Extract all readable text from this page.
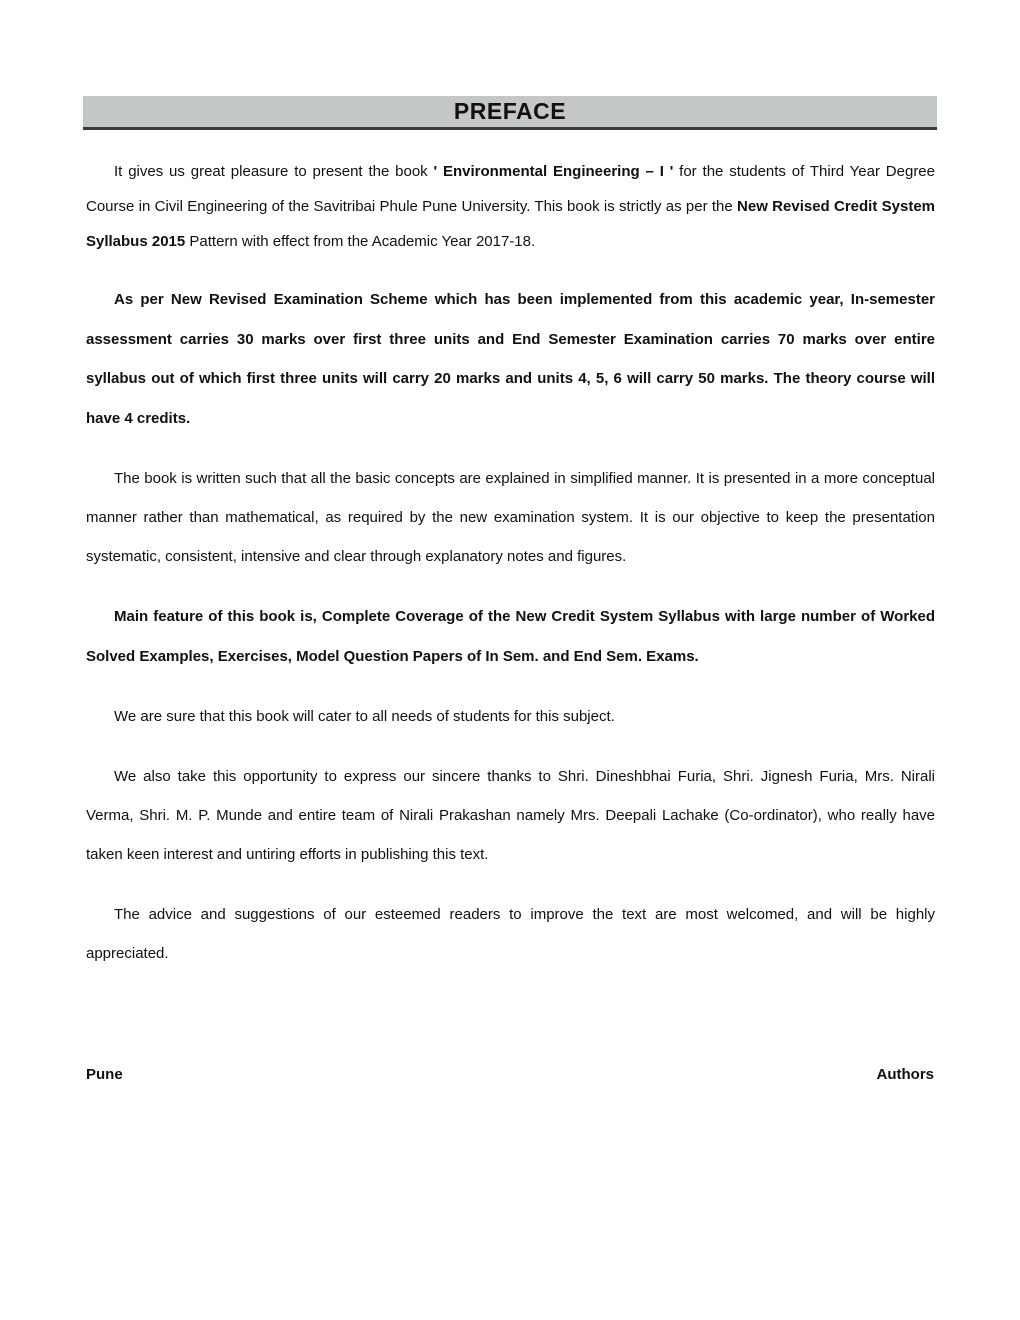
PREFACE

It gives us great pleasure to present the book ' Environmental Engineering – I ' for the students of Third Year Degree Course in Civil Engineering of the Savitribai Phule Pune University. This book is strictly as per the New Revised Credit System Syllabus 2015 Pattern with effect from the Academic Year 2017-18.

As per New Revised Examination Scheme which has been implemented from this academic year, In-semester assessment carries 30 marks over first three units and End Semester Examination carries 70 marks over entire syllabus out of which first three units will carry 20 marks and units 4, 5, 6 will carry 50 marks. The theory course will have 4 credits.

The book is written such that all the basic concepts are explained in simplified manner. It is presented in a more conceptual manner rather than mathematical, as required by the new examination system. It is our objective to keep the presentation systematic, consistent, intensive and clear through explanatory notes and figures.

Main feature of this book is, Complete Coverage of the New Credit System Syllabus with large number of Worked Solved Examples, Exercises, Model Question Papers of In Sem. and End Sem. Exams.

We are sure that this book will cater to all needs of students for this subject.

We also take this opportunity to express our sincere thanks to Shri. Dineshbhai Furia, Shri. Jignesh Furia, Mrs. Nirali Verma, Shri. M. P. Munde and entire team of Nirali Prakashan namely Mrs. Deepali Lachake (Co-ordinator), who really have taken keen interest and untiring efforts in publishing this text.

The advice and suggestions of our esteemed readers to improve the text are most welcomed, and will be highly appreciated.

Pune	Authors
